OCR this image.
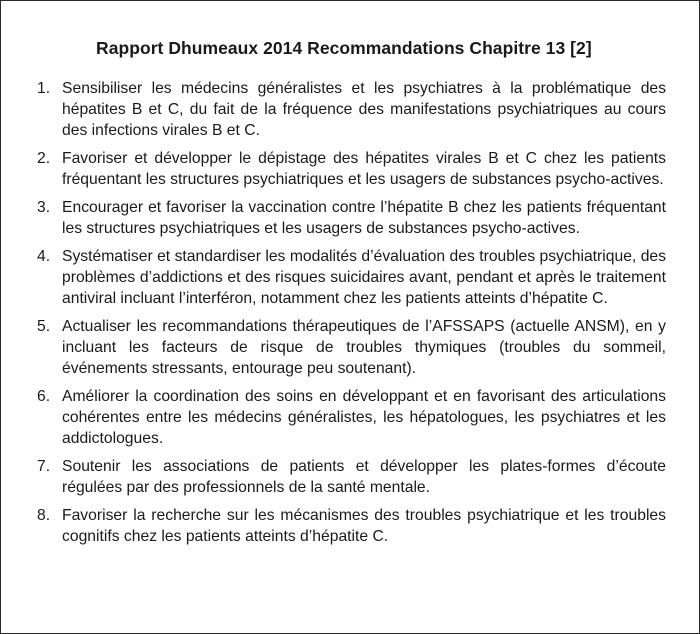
Rapport Dhumeaux 2014 Recommandations Chapitre 13 [2]
1. Sensibiliser les médecins généralistes et les psychiatres à la problématique des hépatites B et C, du fait de la fréquence des manifestations psychiatriques au cours des infections virales B et C.
2. Favoriser et développer le dépistage des hépatites virales B et C chez les patients fréquentant les structures psychiatriques et les usagers de substances psycho-actives.
3. Encourager et favoriser la vaccination contre l’hépatite B chez les patients fréquentant les structures psychiatriques et les usagers de substances psycho-actives.
4. Systématiser et standardiser les modalités d’évaluation des troubles psychiatrique, des problèmes d’addictions et des risques suicidaires avant, pendant et après le traitement antiviral incluant l’interféron, notamment chez les patients atteints d’hépatite C.
5. Actualiser les recommandations thérapeutiques de l’AFSSAPS (actuelle ANSM), en y incluant les facteurs de risque de troubles thymiques (troubles du sommeil, événements stressants, entourage peu soutenant).
6. Améliorer la coordination des soins en développant et en favorisant des articulations cohérentes entre les médecins généralistes, les hépatologues, les psychiatres et les addictologues.
7. Soutenir les associations de patients et développer les plates-formes d’écoute régulées par des professionnels de la santé mentale.
8. Favoriser la recherche sur les mécanismes des troubles psychiatrique et les troubles cognitifs chez les patients atteints d’hépatite C.
